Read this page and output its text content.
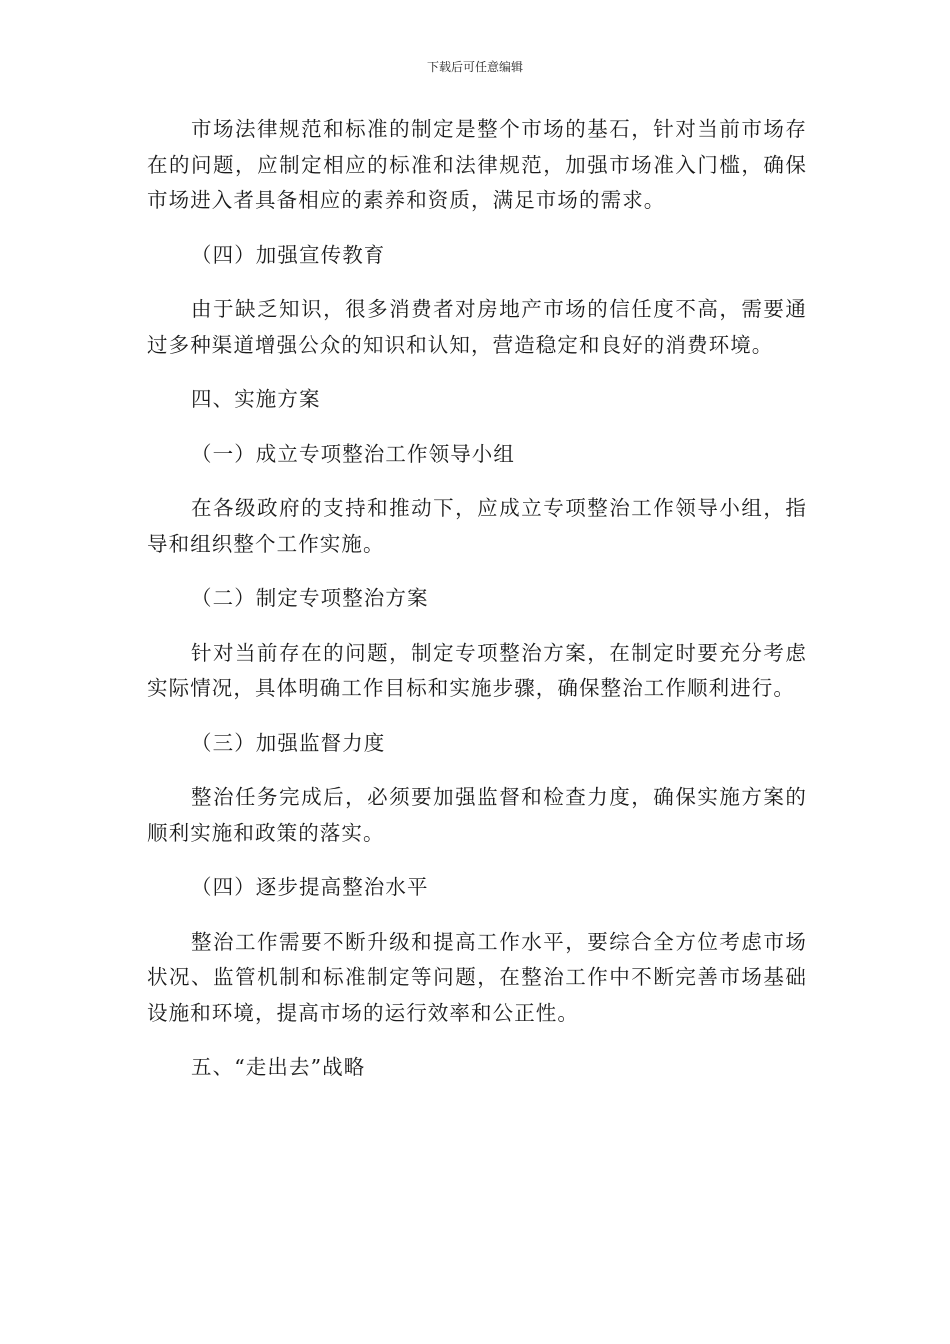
下载后可任意编辑

市场法律规范和标准的制定是整个市场的基石，针对当前市场存在的问题，应制定相应的标准和法律规范，加强市场准入门槛，确保市场进入者具备相应的素养和资质，满足市场的需求。

（四）加强宣传教育

由于缺乏知识，很多消费者对房地产市场的信任度不高，需要通过多种渠道增强公众的知识和认知，营造稳定和良好的消费环境。

四、实施方案

（一）成立专项整治工作领导小组

在各级政府的支持和推动下，应成立专项整治工作领导小组，指导和组织整个工作实施。

（二）制定专项整治方案

针对当前存在的问题，制定专项整治方案，在制定时要充分考虑实际情况，具体明确工作目标和实施步骤，确保整治工作顺利进行。

（三）加强监督力度

整治任务完成后，必须要加强监督和检查力度，确保实施方案的顺利实施和政策的落实。

（四）逐步提高整治水平

整治工作需要不断升级和提高工作水平，要综合全方位考虑市场状况、监管机制和标准制定等问题，在整治工作中不断完善市场基础设施和环境，提高市场的运行效率和公正性。

五、“走出去”战略
